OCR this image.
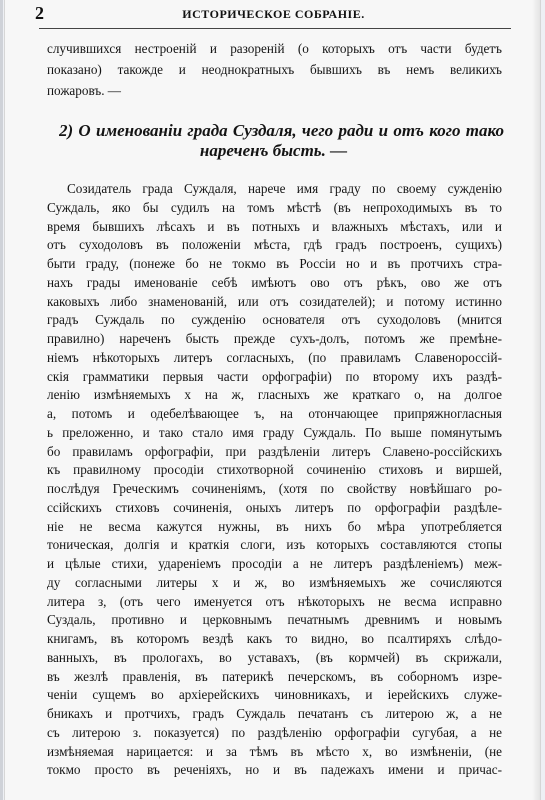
2	ИСТОРИЧЕСКОЕ СОБРАНІЕ.
случившихся нестроеній и разореній (о которыхъ отъ части будетъ
показано) такожде и неоднократныхъ бывшихъ въ немъ великихъ
пожаровъ. —
2) О именованіи града Суздаля, чего ради и отъ кого тако
нареченъ бысть. —
Созидатель града Суждаля, нарече имя граду по своему сужденію
Суждаль, яко бы судилъ на томъ мѣстѣ (въ непроходимыхъ въ то
время бывшихъ лѣсахъ и въ потныхъ и влажныхъ мѣстахъ, или и
отъ суходоловъ въ положеніи мѣста, гдѣ градъ построенъ, сущихъ)
быти граду, (понеже бо не токмо въ Россіи но и въ протчихъ стра-
нахъ грады именованіе себѣ имѣютъ ово отъ рѣкъ, ово же отъ
каковыхъ либо знаменованій, или отъ созидателей); и потому истинно
градъ Суждаль по сужденію основателя отъ суходоловъ (мнится
правилно) нареченъ бысть прежде сухъ-долъ, потомъ же премѣне-
ніемъ нѣкоторыхъ литеръ согласныхъ, (по правиламъ Славенороссій-
скія грамматики первыя части орфографіи) по второму ихъ раздѣ-
ленію измѣняемыхъ х на ж, гласныхъ же краткаго о, на долгое
а, потомъ и одебелѣвающее ъ, на отончающее припряжногласныя
ь преложенно, и тако стало имя граду Суждаль. По выше помянутымъ
бо правиламъ орфографіи, при раздѣленіи литеръ Славено-россійскихъ
къ правилному просодіи стихотворной сочиненію стиховъ и виршей,
послѣдуя Греческимъ сочиненіямъ, (хотя по свойству новѣйшаго ро-
ссійскихъ стиховъ сочиненія, оныхъ литеръ по орфографіи раздѣле-
ніе не весма кажутся нужны, въ нихъ бо мѣра употребляется
тоническая, долгія и краткія слоги, изъ которыхъ составляются стопы
и цѣлые стихи, удареніемъ просодіи а не литеръ раздѣленіемъ) меж-
ду согласными литеры х и ж, во измѣняемыхъ же сочисляются
литера з, (отъ чего именуется отъ нѣкоторыхъ не весма исправно
Суздаль, противно и церковнымъ печатнымъ древнимъ и новымъ
книгамъ, въ которомъ вездѣ какъ то видно, во псалтиряхъ слѣдо-
ванныхъ, въ прологахъ, во уставахъ, (въ кормчей) въ скрижали,
въ жезлѣ правленія, въ патерикѣ печерскомъ, въ соборномъ изре-
ченіи сущемъ во архіерейскихъ чиновникахъ, и іерейскихъ служе-
бникахъ и протчихъ, градъ Суждаль печатанъ съ литерою ж, а не
съ литерою з. показуется) по раздѣленію орфографіи сугубая, а не
измѣняемая нарицается: и за тѣмъ въ мѣсто х, во измѣненіи, (не
токмо просто въ реченіяхъ, но и въ падежахъ имени и причас-
